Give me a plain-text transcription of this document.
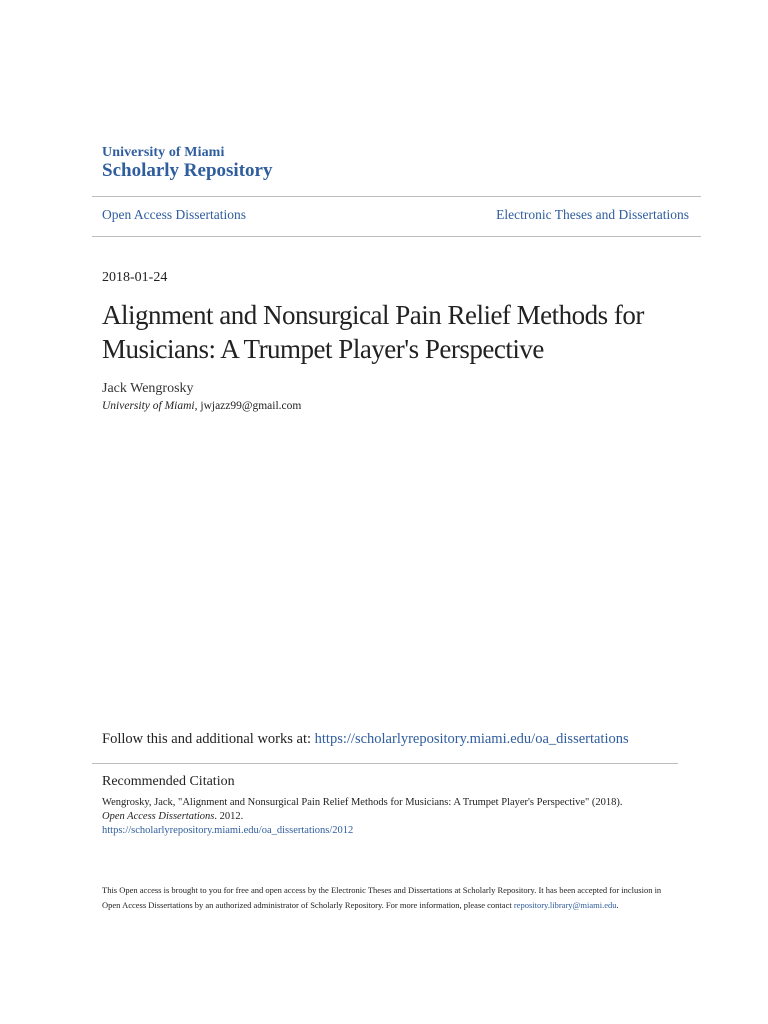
University of Miami
Scholarly Repository
Open Access Dissertations	Electronic Theses and Dissertations
2018-01-24
Alignment and Nonsurgical Pain Relief Methods for Musicians: A Trumpet Player's Perspective
Jack Wengrosky
University of Miami, jwjazz99@gmail.com
Follow this and additional works at: https://scholarlyrepository.miami.edu/oa_dissertations
Recommended Citation
Wengrosky, Jack, "Alignment and Nonsurgical Pain Relief Methods for Musicians: A Trumpet Player's Perspective" (2018). Open Access Dissertations. 2012.
https://scholarlyrepository.miami.edu/oa_dissertations/2012
This Open access is brought to you for free and open access by the Electronic Theses and Dissertations at Scholarly Repository. It has been accepted for inclusion in Open Access Dissertations by an authorized administrator of Scholarly Repository. For more information, please contact repository.library@miami.edu.
